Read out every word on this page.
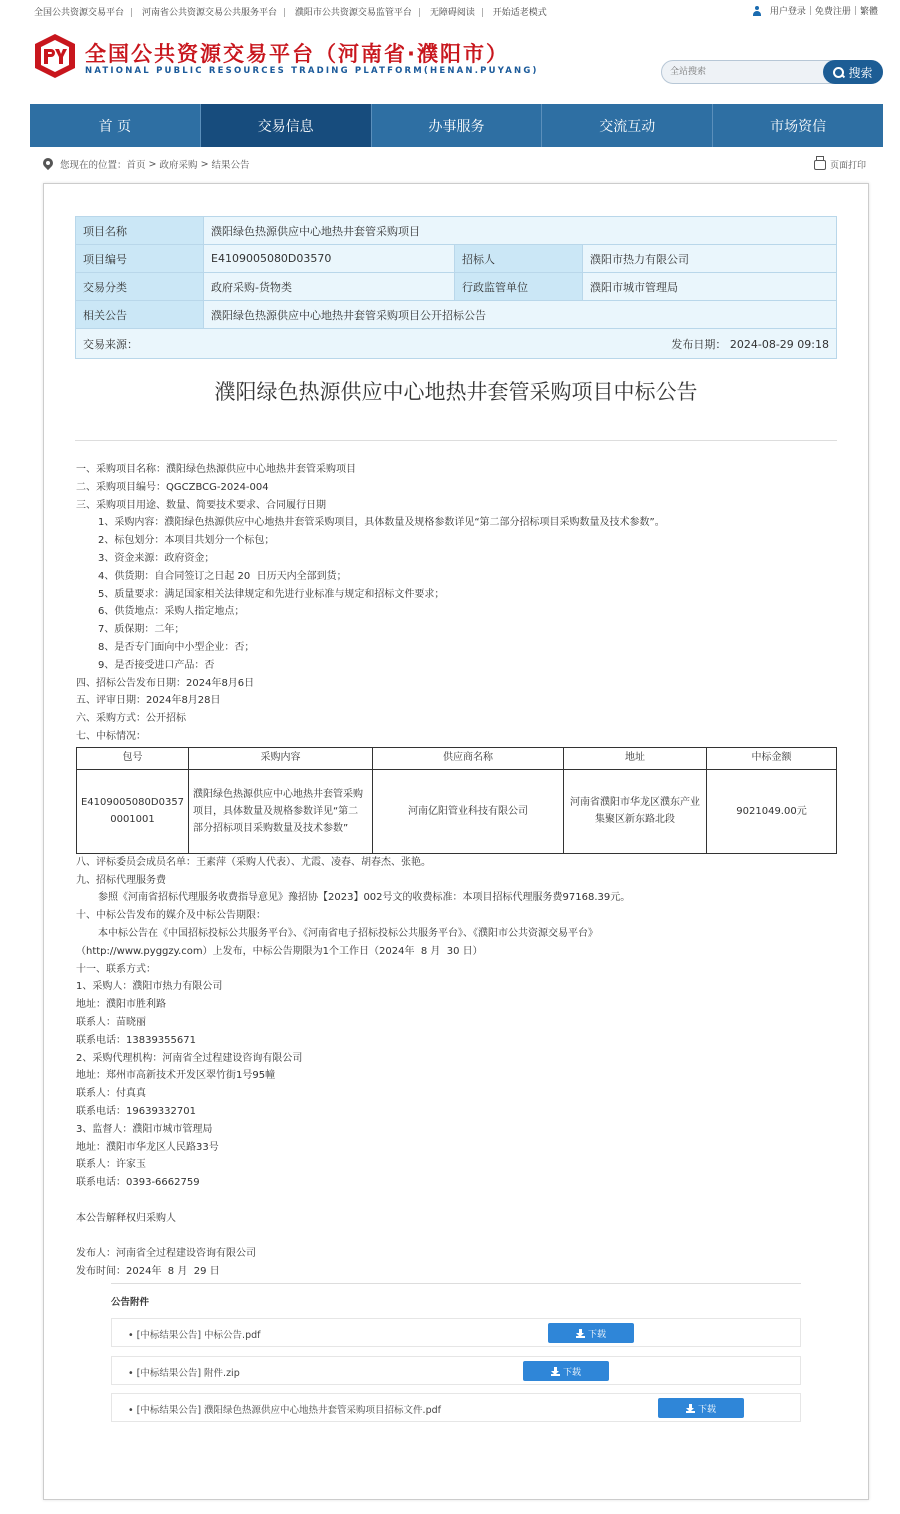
全国公共资源交易平台 | 河南省公共资源交易公共服务平台 | 濮阳市公共资源交易监管平台 | 无障碍阅读 | 开始适老模式	用户登录 | 免费注册 | 繁體
全国公共资源交易平台（河南省·濮阳市）
NATIONAL PUBLIC RESOURCES TRADING PLATFORM(HENAN.PUYANG)
全站搜索	搜索
首 页	交易信息	办事服务	交流互动	市场资信
您现在的位置： 首页 > 政府采购 > 结果公告	页面打印
项目名称	濮阳绿色热源供应中心地热井套管采购项目		
项目编号	E4109005080D03570	招标人	濮阳市热力有限公司
交易分类	政府采购-货物类	行政监管单位	濮阳市城市管理局
相关公告	濮阳绿色热源供应中心地热井套管采购项目公开招标公告		
交易来源： 发布日期： 2024-08-29 09:18			
濮阳绿色热源供应中心地热井套管采购项目中标公告

一、采购项目名称：濮阳绿色热源供应中心地热井套管采购项目

二、采购项目编号：QGCZBCG-2024-004

三、采购项目用途、数量、简要技术要求、合同履行日期

1、采购内容：濮阳绿色热源供应中心地热井套管采购项目，具体数量及规格参数详见“第二部分招标项目采购数量及技术参数”。

2、标包划分：本项目共划分一个标包；

3、资金来源：政府资金；

4、供货期：自合同签订之日起 20  日历天内全部到货；

5、质量要求：满足国家相关法律规定和先进行业标准与规定和招标文件要求；

6、供货地点：采购人指定地点；

7、质保期：二年；

8、是否专门面向中小型企业：否；

9、是否接受进口产品：否

四、招标公告发布日期：2024年8月6日

五、评审日期：2024年8月28日

六、采购方式：公开招标

七、中标情况：

包号	采购内容	供应商名称	地址	中标金额
E4109005080D03570001001	濮阳绿色热源供应中心地热井套管采购项目，具体数量及规格参数详见“第二部分招标项目采购数量及技术参数”	河南亿阳管业科技有限公司	河南省濮阳市华龙区濮东产业集聚区新东路北段	9021049.00元

八、评标委员会成员名单：王素萍（采购人代表）、尤霞、凌春、胡春杰、张艳。

九、招标代理服务费

参照《河南省招标代理服务收费指导意见》豫招协【2023】002号文的收费标准：本项目招标代理服务费97168.39元。

十、中标公告发布的媒介及中标公告期限：

本中标公告在《中国招标投标公共服务平台》、《河南省电子招标投标公共服务平台》、《濮阳市公共资源交易平台》

（http://www.pyggzy.com）上发布，中标公告期限为1个工作日（2024年  8 月  30 日）

十一、联系方式：

1、采购人：濮阳市热力有限公司

地址：濮阳市胜利路

联系人：苗晓丽

联系电话：13839355671

2、采购代理机构：河南省全过程建设咨询有限公司

地址：郑州市高新技术开发区翠竹街1号95幢

联系人：付真真

联系电话：19639332701

3、监督人：濮阳市城市管理局

地址：濮阳市华龙区人民路33号

联系人：许家玉

联系电话：0393-6662759

本公告解释权归采购人

发布人：河南省全过程建设咨询有限公司

发布时间：2024年  8 月  29 日

公告附件
• [中标结果公告] 中标公告.pdf	下载
• [中标结果公告] 附件.zip	下载
• [中标结果公告] 濮阳绿色热源供应中心地热井套管采购项目招标文件.pdf	下载
